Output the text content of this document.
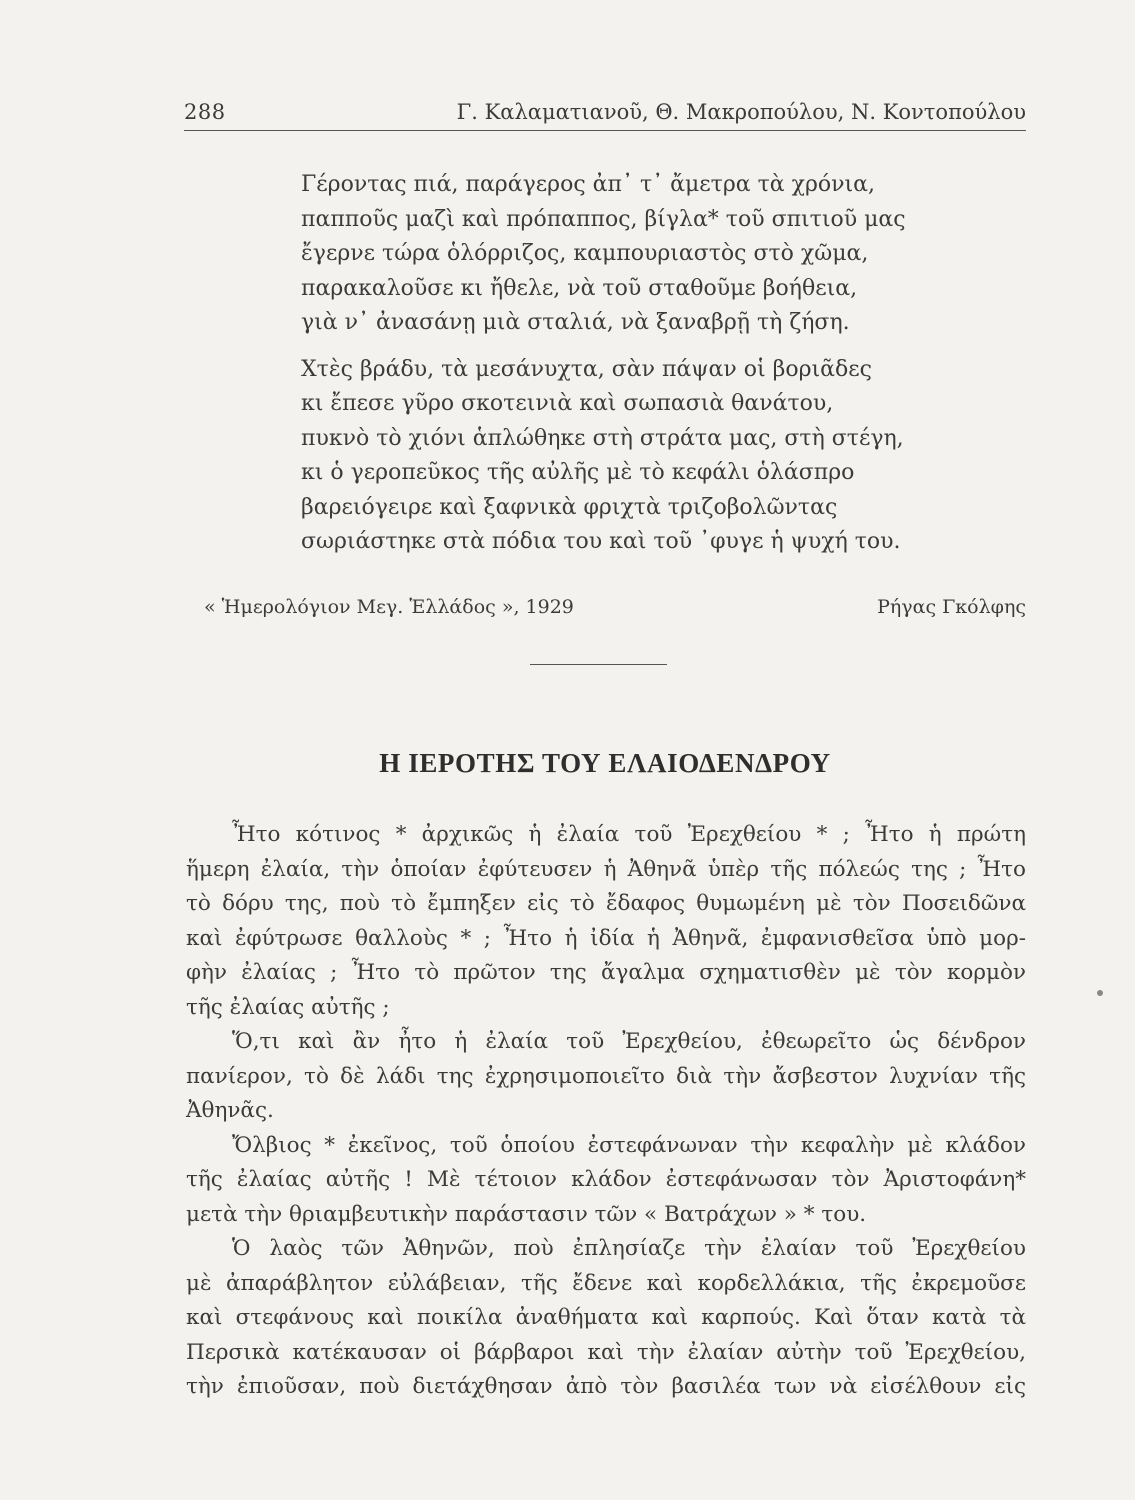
288	Γ. Καλαματιανοῦ, Θ. Μακροπούλου, Ν. Κοντοπούλου
Γέροντας πιά, παράγερος ἀπ᾽ τ᾽ ἄμετρα τὰ χρόνια,
παπποῦς μαζὶ καὶ πρόπαππος, βίγλα* τοῦ σπιτιοῦ μας
ἔγερνε τώρα ὁλόρριζος, καμπουριαστὸς στὸ χῶμα,
παρακαλοῦσε κι ἤθελε, νὰ τοῦ σταθοῦμε βοήθεια,
γιὰ ν᾽ ἀνασάνῃ μιὰ σταλιά, νὰ ξαναβρῇ τὴ ζήση.
Χτὲς βράδυ, τὰ μεσάνυχτα, σὰν πάψαν οἱ βοριᾶδες
κι ἔπεσε γῦρο σκοτεινιὰ καὶ σωπασιὰ θανάτου,
πυκνὸ τὸ χιόνι ἁπλώθηκε στὴ στράτα μας, στὴ στέγη,
κι ὁ γεροπεῦκος τῆς αὐλῆς μὲ τὸ κεφάλι ὁλάσπρο
βαρειόγειρε καὶ ξαφνικὰ φριχτὰ τριζοβολῶντας
σωριάστηκε στὰ πόδια του καὶ τοῦ ᾽φυγε ἡ ψυχή του.
« Ἡμερολόγιον Μεγ. Ἑλλάδος », 1929	Ρήγας Γκόλφης
Η ΙΕΡΟΤΗΣ ΤΟΥ ΕΛΑΙΟΔΕΝΔΡΟΥ
Ἦτο κότινος * ἀρχικῶς ἡ ἐλαία τοῦ Ἐρεχθείου * ; Ἦτο ἡ πρώτη
ἥμερη ἐλαία, τὴν ὁποίαν ἐφύτευσεν ἡ Ἀθηνᾶ ὑπὲρ τῆς πόλεώς της ; Ἦτο
τὸ δόρυ της, ποὺ τὸ ἔμπηξεν εἰς τὸ ἔδαφος θυμωμένη μὲ τὸν Ποσειδῶνα
καὶ ἐφύτρωσε θαλλοὺς * ; Ἦτο ἡ ἰδία ἡ Ἀθηνᾶ, ἐμφανισθεῖσα ὑπὸ μορ-
φὴν ἐλαίας ; Ἦτο τὸ πρῶτον της ἄγαλμα σχηματισθὲν μὲ τὸν κορμὸν
τῆς ἐλαίας αὐτῆς ;
Ὅ,τι καὶ ἂν ἦτο ἡ ἐλαία τοῦ Ἐρεχθείου, ἐθεωρεῖτο ὡς δένδρον
πανίερον, τὸ δὲ λάδι της ἐχρησιμοποιεῖτο διὰ τὴν ἄσβεστον λυχνίαν τῆς
Ἀθηνᾶς.
Ὄλβιος * ἐκεῖνος, τοῦ ὁποίου ἐστεφάνωναν τὴν κεφαλὴν μὲ κλάδον
τῆς ἐλαίας αὐτῆς ! Μὲ τέτοιον κλάδον ἐστεφάνωσαν τὸν Ἀριστοφάνη*
μετὰ τὴν θριαμβευτικὴν παράστασιν τῶν « Βατράχων » * του.
Ὁ λαὸς τῶν Ἀθηνῶν, ποὺ ἐπλησίαζε τὴν ἐλαίαν τοῦ Ἐρεχθείου
μὲ ἀπαράβλητον εὐλάβειαν, τῆς ἔδενε καὶ κορδελλάκια, τῆς ἐκρεμοῦσε
καὶ στεφάνους καὶ ποικίλα ἀναθήματα καὶ καρπούς. Καὶ ὅταν κατὰ τὰ
Περσικὰ κατέκαυσαν οἱ βάρβαροι καὶ τὴν ἐλαίαν αὐτὴν τοῦ Ἐρεχθείου,
τὴν ἐπιοῦσαν, ποὺ διετάχθησαν ἀπὸ τὸν βασιλέα των νὰ εἰσέλθουν εἰς
